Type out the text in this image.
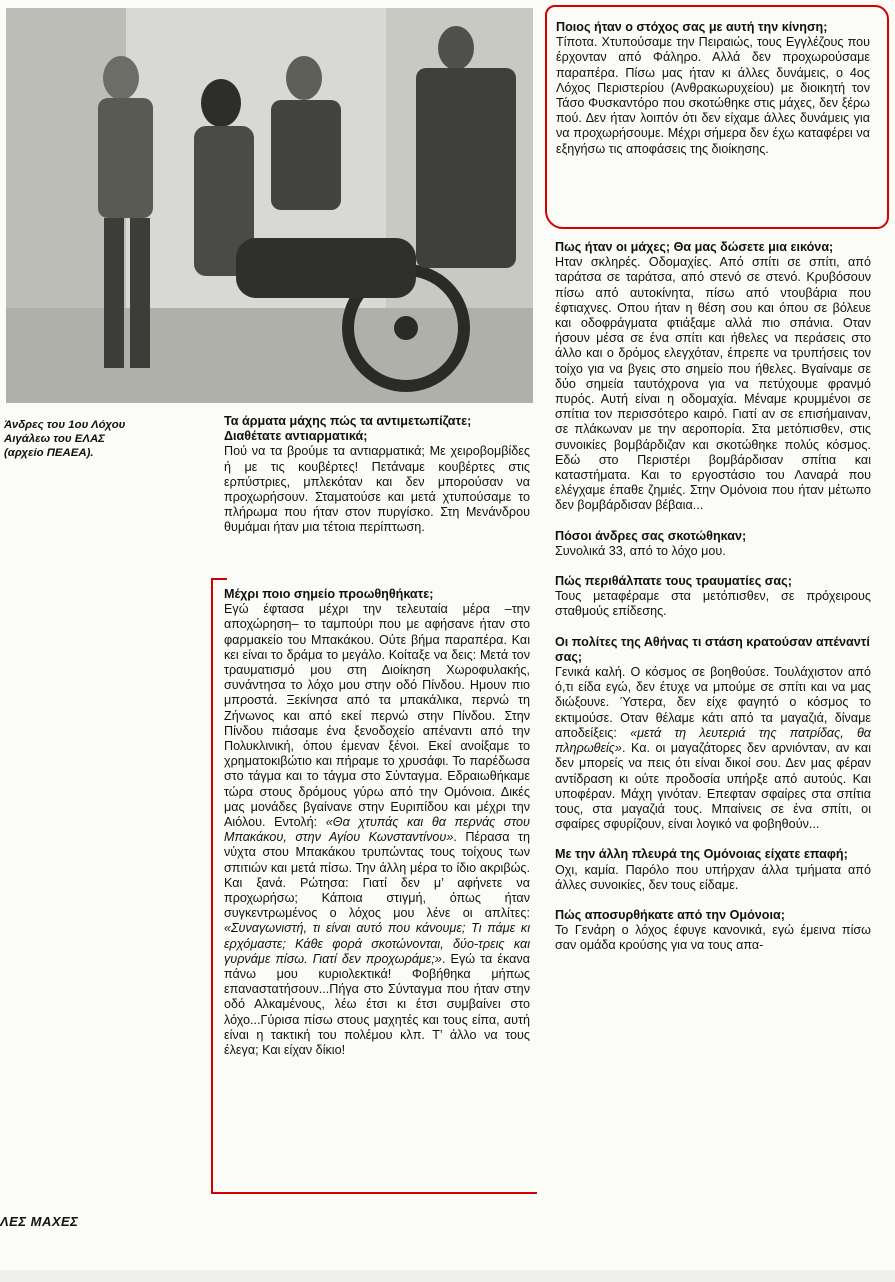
Άνδρες του 1ου Λόχου
Αιγάλεω του ΕΛΑΣ
(αρχείο ΠΕΑΕΑ).
Τα άρματα μάχης πώς τα αντιμετωπίζατε; Διαθέτατε αντιαρματικά;
Πού να τα βρούμε τα αντιαρματικά; Με χειροβομβίδες ή με τις κουβέρτες! Πετάναμε κουβέρτες στις ερπύστριες, μπλεκόταν και δεν μπορούσαν να προχωρήσουν. Σταματούσε και μετά χτυπούσαμε το πλήρωμα που ήταν στον πυργίσκο. Στη Μενάνδρου θυμάμαι ήταν μια τέτοια περίπτωση.
Μέχρι ποιο σημείο προωθηθήκατε;
Εγώ έφτασα μέχρι την τελευταία μέρα –την αποχώρηση– το ταμπούρι που με αφήσανε ήταν στο φαρμακείο του Μπακάκου. Ούτε βήμα παραπέρα. Και κει είναι το δράμα το μεγάλο. Κοίταξε να δεις: Μετά τον τραυματισμό μου στη Διοίκηση Χωροφυλακής, συνάντησα το λόχο μου στην οδό Πίνδου. Ημουν πιο μπροστά. Ξεκίνησα από τα μπακάλικα, περνώ τη Ζήνωνος και από εκεί περνώ στην Πίνδου. Στην Πίνδου πιάσαμε ένα ξενοδοχείο απέναντι από την Πολυκλινική, όπου έμεναν ξένοι. Εκεί ανοίξαμε το χρηματοκιβώτιο και πήραμε το χρυσάφι. Το παρέδωσα στο τάγμα και το τάγμα στο Σύνταγμα. Εδραιωθήκαμε τώρα στους δρόμους γύρω από την Ομόνοια. Δικές μας μονάδες βγαίνανε στην Ευριπίδου και μέχρι την Αιόλου. Εντολή: «Θα χτυπάς και θα περνάς στου Μπακάκου, στην Αγίου Κωνσταντίνου». Πέρασα τη νύχτα στου Μπακάκου τρυπώντας τους τοίχους των σπιτιών και μετά πίσω. Την άλλη μέρα το ίδιο ακριβώς. Και ξανά. Ρώτησα: Γιατί δεν μ’ αφήνετε να προχωρήσω; Κάποια στιγμή, όπως ήταν συγκεντρωμένος ο λόχος μου λένε οι απλίτες: «Συναγωνιστή, τι είναι αυτό που κάνουμε; Τι πάμε κι ερχόμαστε; Κάθε φορά σκοτώνονται, δύο-τρεις και γυρνάμε πίσω. Γιατί δεν προχωράμε;». Εγώ τα έκανα πάνω μου κυριολεκτικά! Φοβήθηκα μήπως επαναστατήσουν...Πήγα στο Σύνταγμα που ήταν στην οδό Αλκαμένους, λέω έτσι κι έτσι συμβαίνει στο λόχο...Γύρισα πίσω στους μαχητές και τους είπα, αυτή είναι η τακτική του πολέμου κλπ. Τ’ άλλο να τους έλεγα; Και είχαν δίκιο!
Ποιος ήταν ο στόχος σας με αυτή την κίνηση;
Τίποτα. Χτυπούσαμε την Πειραιώς, τους Εγγλέζους που έρχονταν από Φάληρο. Αλλά δεν προχωρούσαμε παραπέρα. Πίσω μας ήταν κι άλλες δυνάμεις, ο 4ος Λόχος Περιστερίου (Ανθρακωρυχείου) με διοικητή τον Τάσο Φυσκαντόρο που σκοτώθηκε στις μάχες, δεν ξέρω πού. Δεν ήταν λοιπόν ότι δεν είχαμε άλλες δυνάμεις για να προχωρήσουμε. Μέχρι σήμερα δεν έχω καταφέρει να εξηγήσω τις αποφάσεις της διοίκησης.
Πως ήταν οι μάχες; Θα μας δώσετε μια εικόνα;
Ηταν σκληρές. Οδομαχίες. Από σπίτι σε σπίτι, από ταράτσα σε ταράτσα, από στενό σε στενό. Κρυβόσουν πίσω από αυτοκίνητα, πίσω από ντουβάρια που έφτιαχνες. Οπου ήταν η θέση σου και όπου σε βόλευε και οδοφράγματα φτιάξαμε αλλά πιο σπάνια. Οταν ήσουν μέσα σε ένα σπίτι και ήθελες να περάσεις στο άλλο και ο δρόμος ελεγχόταν, έπρεπε να τρυπήσεις τον τοίχο για να βγεις στο σημείο που ήθελες. Βγαίναμε σε δύο σημεία ταυτόχρονα για να πετύχουμε φρανμό πυρός. Αυτή είναι η οδομαχία. Μέναμε κρυμμένοι σε σπίτια τον περισσότερο καιρό. Γιατί αν σε επισήμαιναν, σε πλάκωναν με την αεροπορία. Στα μετόπισθεν, στις συνοικίες βομβάρδιζαν και σκοτώθηκε πολύς κόσμος. Εδώ στο Περιστέρι βομβάρδισαν σπίτια και καταστήματα. Και το εργοστάσιο του Λαναρά που ελέγχαμε έπαθε ζημιές. Στην Ομόνοια που ήταν μέτωπο δεν βομβάρδισαν βέβαια...
Πόσοι άνδρες σας σκοτώθηκαν;
Συνολικά 33, από το λόχο μου.
Πώς περιθάλπατε τους τραυματίες σας;
Τους μεταφέραμε στα μετόπισθεν, σε πρόχειρους σταθμούς επίδεσης.
Οι πολίτες της Αθήνας τι στάση κρατούσαν απέναντί σας;
Γενικά καλή. Ο κόσμος σε βοηθούσε. Τουλάχιστον από ό,τι είδα εγώ, δεν έτυχε να μπούμε σε σπίτι και να μας διώξουνε. Ύστερα, δεν είχε φαγητό ο κόσμος το εκτιμούσε. Οταν θέλαμε κάτι από τα μαγαζιά, δίναμε αποδείξεις: «μετά τη λευτεριά της πατρίδας, θα πληρωθείς». Κα. οι μαγαζάτορες δεν αρνιόνταν, αν και δεν μπορείς να πεις ότι είναι δικοί σου. Δεν μας φέραν αντίδραση κι ούτε προδοσία υπήρξε από αυτούς. Και υποφέραν. Μάχη γινόταν. Επεφταν σφαίρες στα σπίτια τους, στα μαγαζιά τους. Μπαίνεις σε ένα σπίτι, οι σφαίρες σφυρίζουν, είναι λογικό να φοβηθούν...
Με την άλλη πλευρά της Ομόνοιας είχατε επαφή;
Οχι, καμία. Παρόλο που υπήρχαν άλλα τμήματα από άλλες συνοικίες, δεν τους είδαμε.
Πώς αποσυρθήκατε από την Ομόνοια;
Το Γενάρη ο λόχος έφυγε κανονικά, εγώ έμεινα πίσω σαν ομάδα κρούσης για να τους απα-
ΛΕΣ ΜΑΧΕΣ
